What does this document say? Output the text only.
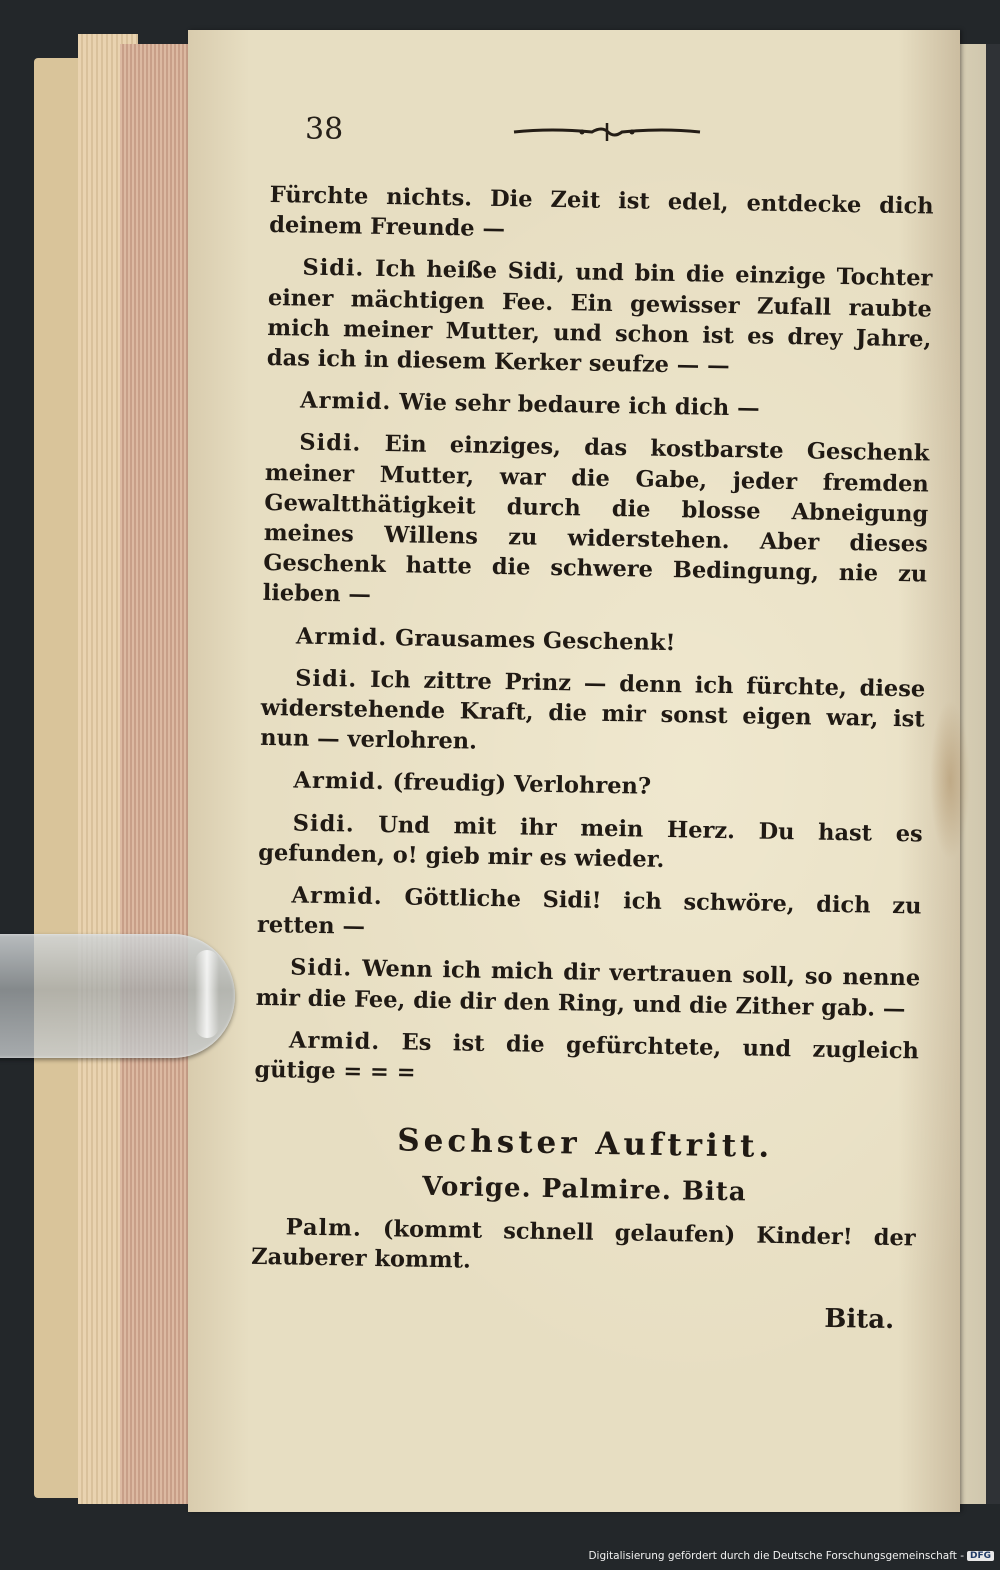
38

Fürchte nichts. Die Zeit ist edel, entdecke dich deinem Freunde —

Sidi. Ich heiße Sidi, und bin die einzige Tochter einer mächtigen Fee. Ein gewisser Zufall raubte mich meiner Mutter, und schon ist es drey Jahre, das ich in diesem Kerker seufze — —

Armid. Wie sehr bedaure ich dich —

Sidi. Ein einziges, das kostbarste Geschenk meiner Mutter, war die Gabe, jeder fremden Gewaltthätigkeit durch die blosse Abneigung meines Willens zu widerstehen. Aber dieses Geschenk hatte die schwere Bedingung, nie zu lieben —

Armid. Grausames Geschenk!

Sidi. Ich zittre Prinz — denn ich fürchte, diese widerstehende Kraft, die mir sonst eigen war, ist nun — verlohren.

Armid. (freudig) Verlohren?

Sidi. Und mit ihr mein Herz. Du hast es gefunden, o! gieb mir es wieder.

Armid. Göttliche Sidi! ich schwöre, dich zu retten —

Sidi. Wenn ich mich dir vertrauen soll, so nenne mir die Fee, die dir den Ring, und die Zither gab. —

Armid. Es ist die gefürchtete, und zugleich gütige = = =

Sechster Auftritt.
Vorige. Palmire. Bita

Palm. (kommt schnell gelaufen) Kinder! der Zauberer kommt.

Bita.
Digitalisierung gefördert durch die Deutsche Forschungsgemeinschaft - DFG
